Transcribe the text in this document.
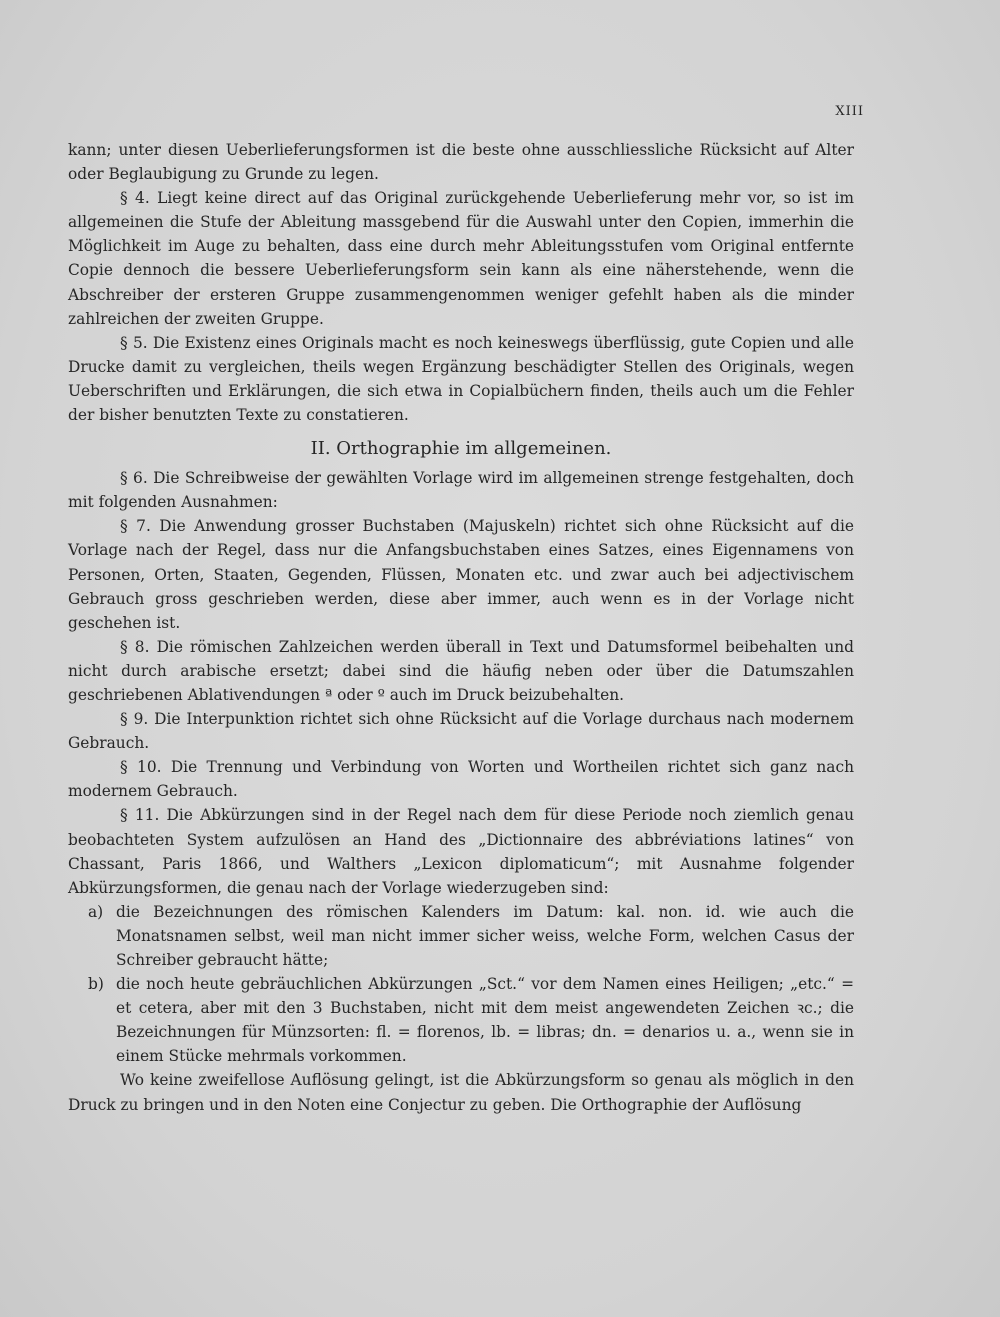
XIII

kann; unter diesen Ueberlieferungsformen ist die beste ohne ausschliessliche Rücksicht auf Alter oder Beglaubigung zu Grunde zu legen.

§ 4. Liegt keine direct auf das Original zurückgehende Ueberlieferung mehr vor, so ist im allgemeinen die Stufe der Ableitung massgebend für die Auswahl unter den Copien, immerhin die Möglichkeit im Auge zu behalten, dass eine durch mehr Ableitungsstufen vom Original entfernte Copie dennoch die bessere Ueberlieferungsform sein kann als eine näherstehende, wenn die Abschreiber der ersteren Gruppe zusammengenommen weniger gefehlt haben als die minder zahlreichen der zweiten Gruppe.

§ 5. Die Existenz eines Originals macht es noch keineswegs überflüssig, gute Copien und alle Drucke damit zu vergleichen, theils wegen Ergänzung beschädigter Stellen des Originals, wegen Ueberschriften und Erklärungen, die sich etwa in Copialbüchern finden, theils auch um die Fehler der bisher benutzten Texte zu constatieren.

II. Orthographie im allgemeinen.

§ 6. Die Schreibweise der gewählten Vorlage wird im allgemeinen strenge festgehalten, doch mit folgenden Ausnahmen:

§ 7. Die Anwendung grosser Buchstaben (Majuskeln) richtet sich ohne Rücksicht auf die Vorlage nach der Regel, dass nur die Anfangsbuchstaben eines Satzes, eines Eigennamens von Personen, Orten, Staaten, Gegenden, Flüssen, Monaten etc. und zwar auch bei adjectivischem Gebrauch gross geschrieben werden, diese aber immer, auch wenn es in der Vorlage nicht geschehen ist.

§ 8. Die römischen Zahlzeichen werden überall in Text und Datumsformel beibehalten und nicht durch arabische ersetzt; dabei sind die häufig neben oder über die Datumszahlen geschriebenen Ablativendungen ª oder º auch im Druck beizubehalten.

§ 9. Die Interpunktion richtet sich ohne Rücksicht auf die Vorlage durchaus nach modernem Gebrauch.

§ 10. Die Trennung und Verbindung von Worten und Wortheilen richtet sich ganz nach modernem Gebrauch.

§ 11. Die Abkürzungen sind in der Regel nach dem für diese Periode noch ziemlich genau beobachteten System aufzulösen an Hand des „Dictionnaire des abbréviations latines“ von Chassant, Paris 1866, und Walthers „Lexicon diplomaticum“; mit Ausnahme folgender Abkürzungsformen, die genau nach der Vorlage wiederzugeben sind:

a) die Bezeichnungen des römischen Kalenders im Datum: kal. non. id. wie auch die Monatsnamen selbst, weil man nicht immer sicher weiss, welche Form, welchen Casus der Schreiber gebraucht hätte;
b) die noch heute gebräuchlichen Abkürzungen „Sct.“ vor dem Namen eines Heiligen; „etc.“ = et cetera, aber mit den 3 Buchstaben, nicht mit dem meist angewendeten Zeichen ꝛc.; die Bezeichnungen für Münzsorten: fl. = florenos, lb. = libras; dn. = denarios u. a., wenn sie in einem Stücke mehrmals vorkommen.

Wo keine zweifellose Auflösung gelingt, ist die Abkürzungsform so genau als möglich in den Druck zu bringen und in den Noten eine Conjectur zu geben. Die Orthographie der Auflösung
